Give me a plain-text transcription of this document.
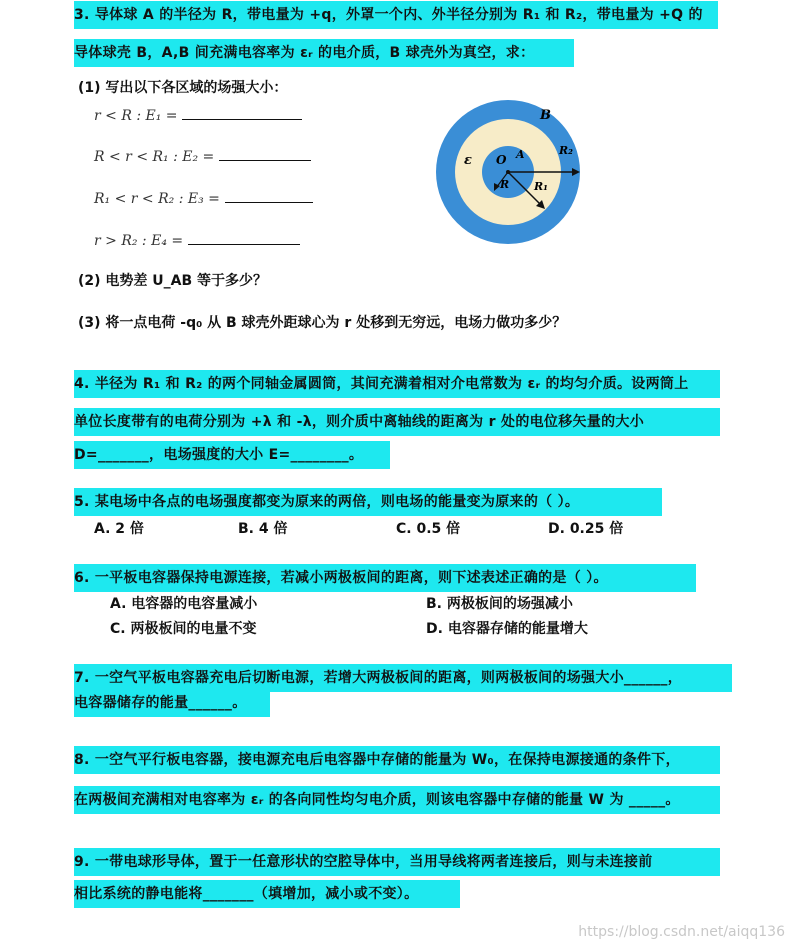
3. 导体球 A 的半径为 R，带电量为 +q，外罩一个内、外半径分别为 R₁ 和 R₂，带电量为 +Q 的
导体球壳 B，A,B 间充满电容率为 εᵣ 的电介质，B 球壳外为真空，求：
(1) 写出以下各区域的场强大小：
r < R : E₁ =
R < r < R₁ : E₂ =
R₁ < r < R₂ : E₃ =
r > R₂ : E₄ =
B
ε O A
R R₁
R₂
(2) 电势差 U_AB 等于多少？
(3) 将一点电荷 -q₀ 从 B 球壳外距球心为 r 处移到无穷远，电场力做功多少？
4. 半径为 R₁ 和 R₂ 的两个同轴金属圆筒，其间充满着相对介电常数为 εᵣ 的均匀介质。设两筒上
单位长度带有的电荷分别为 +λ 和 -λ，则介质中离轴线的距离为 r 处的电位移矢量的大小
D=_______，电场强度的大小 E=________。
5. 某电场中各点的电场强度都变为原来的两倍，则电场的能量变为原来的（ ）。
A. 2 倍	B. 4 倍	C. 0.5 倍	D. 0.25 倍
6. 一平板电容器保持电源连接，若减小两极板间的距离，则下述表述正确的是（ ）。
A. 电容器的电容量减小	B. 两极板间的场强减小
C. 两极板间的电量不变	D. 电容器存储的能量增大
7. 一空气平板电容器充电后切断电源，若增大两极板间的距离，则两极板间的场强大小______，
电容器储存的能量______。
8. 一空气平行板电容器，接电源充电后电容器中存储的能量为 W₀，在保持电源接通的条件下，
在两极间充满相对电容率为 εᵣ 的各向同性均匀电介质，则该电容器中存储的能量 W 为 _____。
9. 一带电球形导体，置于一任意形状的空腔导体中，当用导线将两者连接后，则与未连接前
相比系统的静电能将_______（填增加，减小或不变）。
https://blog.csdn.net/aiqq136
